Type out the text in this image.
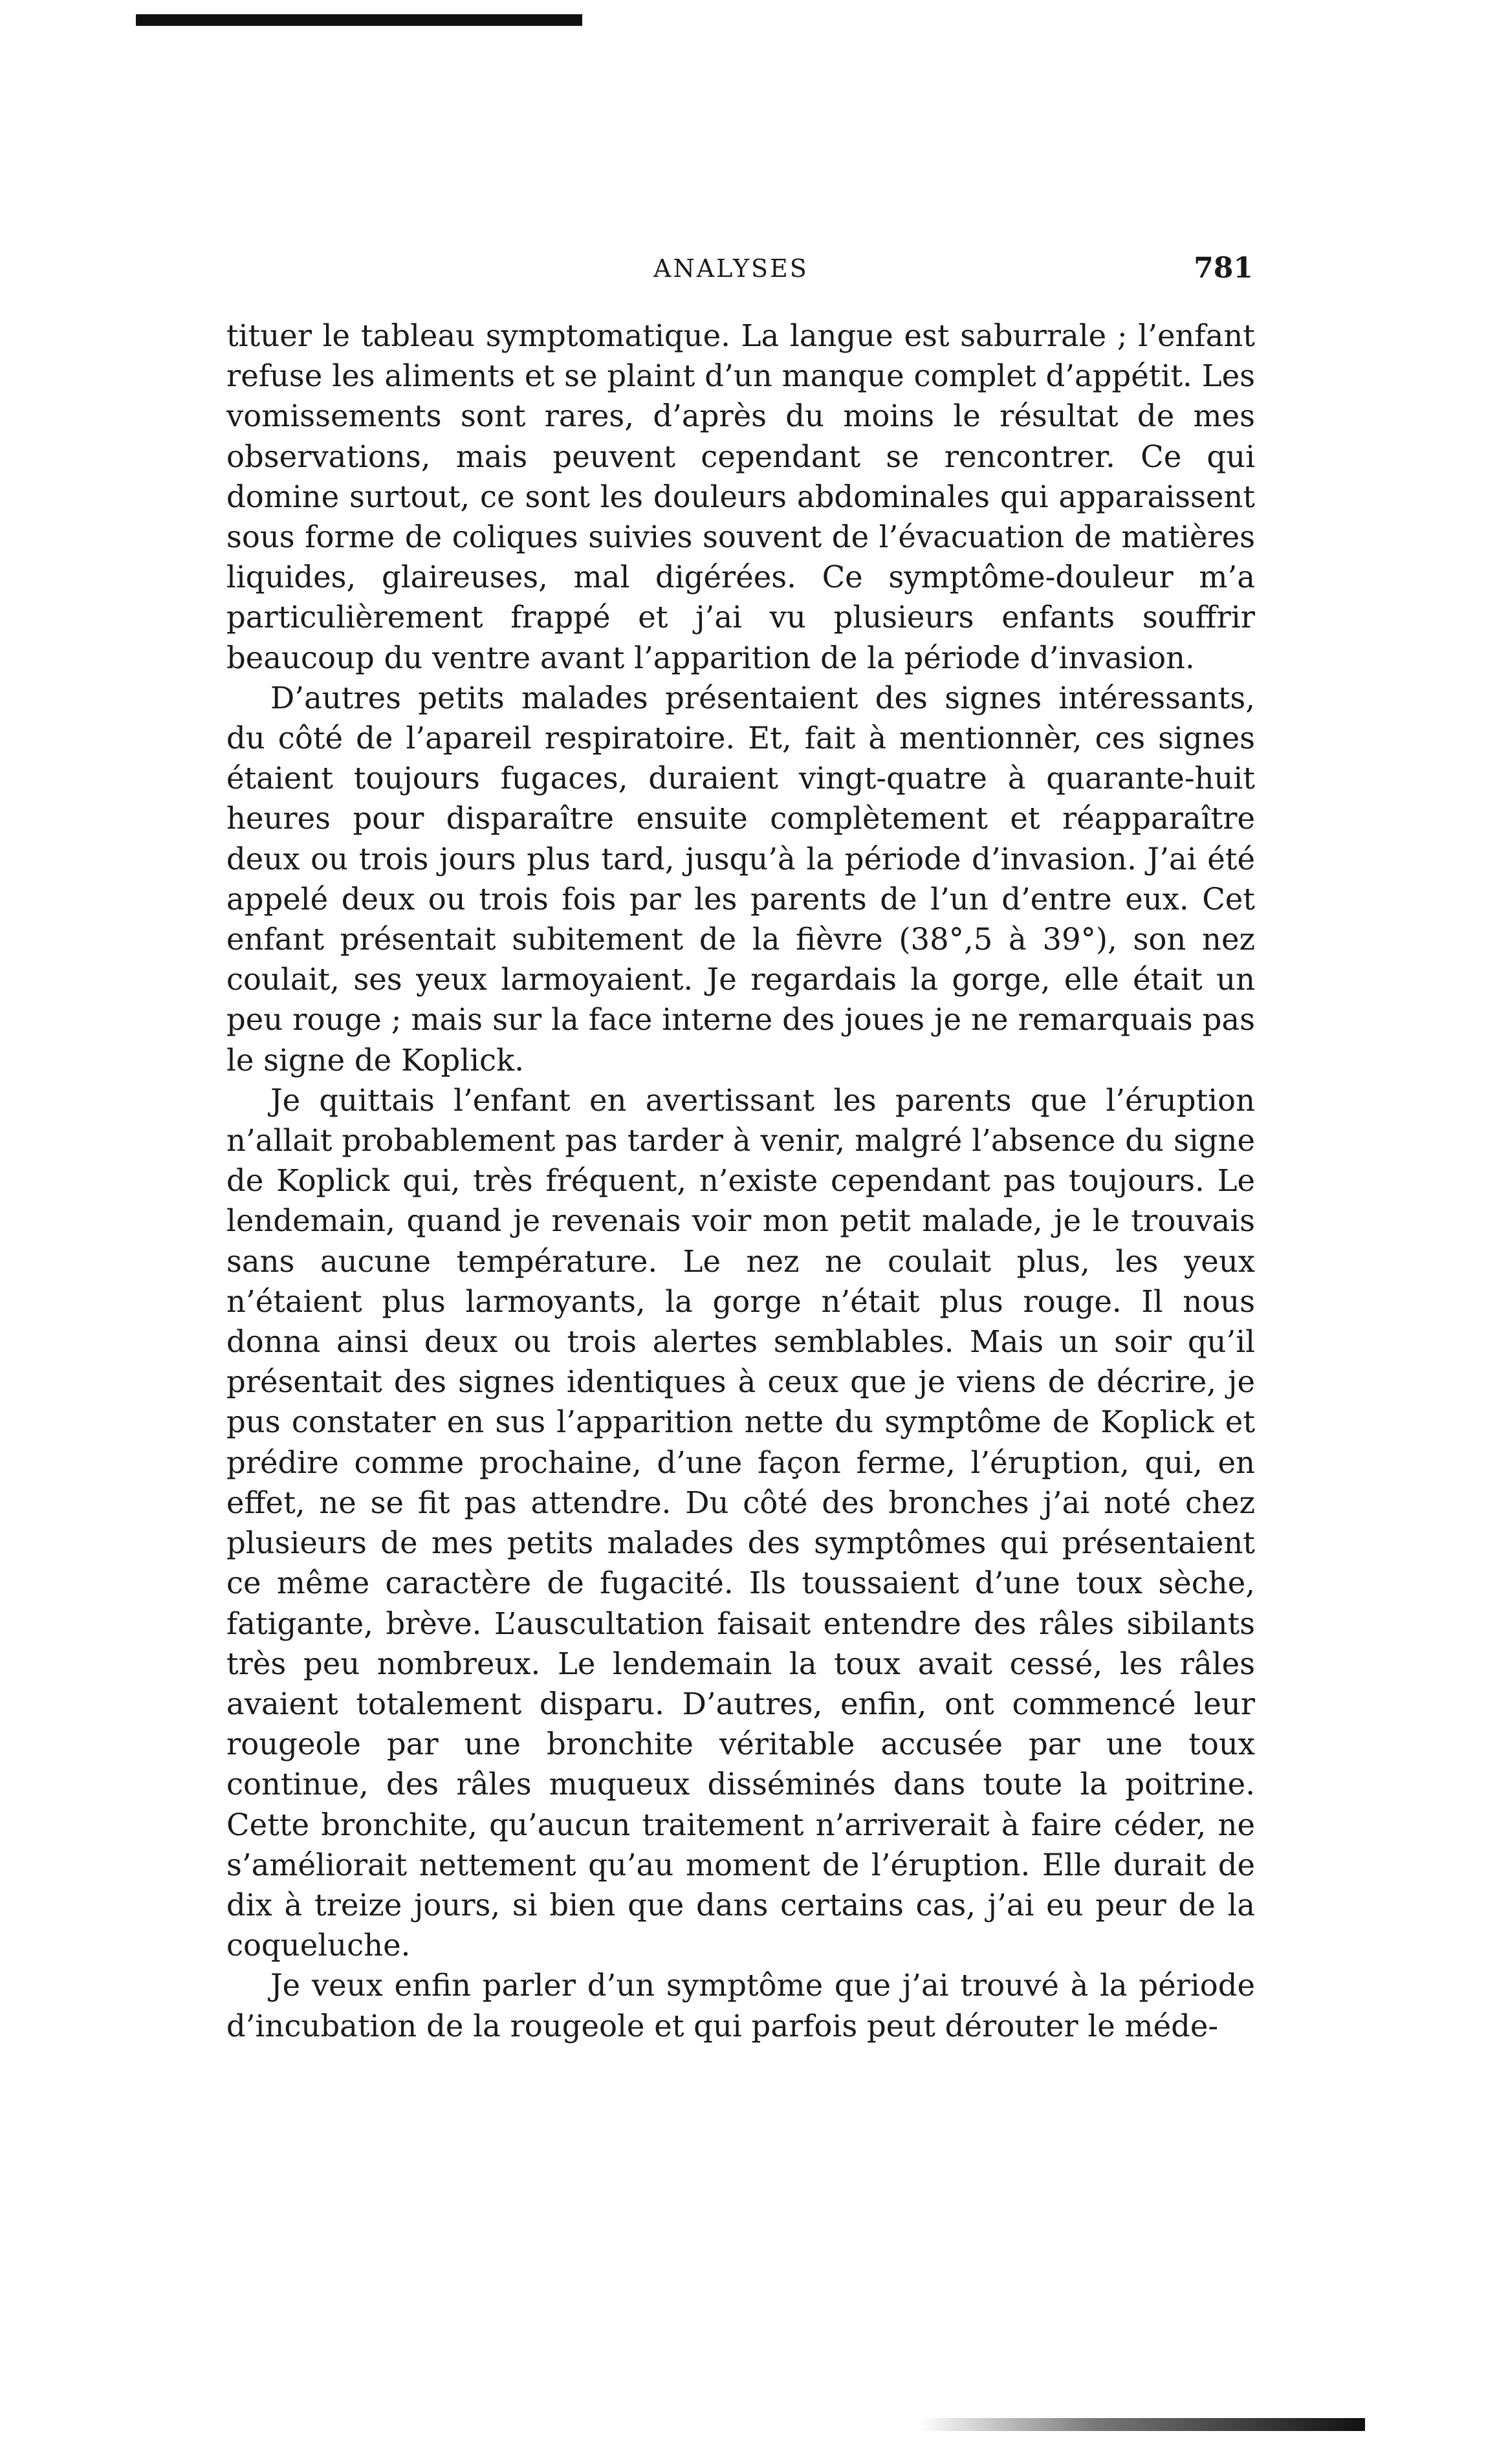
ANALYSES	781

tituer le tableau symptomatique. La langue est saburrale ; l’enfant refuse les aliments et se plaint d’un manque complet d’appétit. Les vomissements sont rares, d’après du moins le résultat de mes observations, mais peuvent cependant se rencontrer. Ce qui domine surtout, ce sont les douleurs abdominales qui apparaissent sous forme de coliques suivies souvent de l’évacuation de matières liquides, glaireuses, mal digérées. Ce symptôme-douleur m’a particulièrement frappé et j’ai vu plusieurs enfants souffrir beaucoup du ventre avant l’apparition de la période d’invasion.

D’autres petits malades présentaient des signes intéressants, du côté de l’apareil respiratoire. Et, fait à mentionnèr, ces signes étaient toujours fugaces, duraient vingt-quatre à quarante-huit heures pour disparaître ensuite complètement et réapparaître deux ou trois jours plus tard, jusqu’à la période d’invasion. J’ai été appelé deux ou trois fois par les parents de l’un d’entre eux. Cet enfant présentait subitement de la fièvre (38°,5 à 39°), son nez coulait, ses yeux larmoyaient. Je regardais la gorge, elle était un peu rouge ; mais sur la face interne des joues je ne remarquais pas le signe de Koplick.

Je quittais l’enfant en avertissant les parents que l’éruption n’allait probablement pas tarder à venir, malgré l’absence du signe de Koplick qui, très fréquent, n’existe cependant pas toujours. Le lendemain, quand je revenais voir mon petit malade, je le trouvais sans aucune température. Le nez ne coulait plus, les yeux n’étaient plus larmoyants, la gorge n’était plus rouge. Il nous donna ainsi deux ou trois alertes semblables. Mais un soir qu’il présentait des signes identiques à ceux que je viens de décrire, je pus constater en sus l’apparition nette du symptôme de Koplick et prédire comme prochaine, d’une façon ferme, l’éruption, qui, en effet, ne se fit pas attendre. Du côté des bronches j’ai noté chez plusieurs de mes petits malades des symptômes qui présentaient ce même caractère de fugacité. Ils toussaient d’une toux sèche, fatigante, brève. L’auscultation faisait entendre des râles sibilants très peu nombreux. Le lendemain la toux avait cessé, les râles avaient totalement disparu. D’autres, enfin, ont commencé leur rougeole par une bronchite véritable accusée par une toux continue, des râles muqueux disséminés dans toute la poitrine. Cette bronchite, qu’aucun traitement n’arriverait à faire céder, ne s’améliorait nettement qu’au moment de l’éruption. Elle durait de dix à treize jours, si bien que dans certains cas, j’ai eu peur de la coqueluche.

Je veux enfin parler d’un symptôme que j’ai trouvé à la période d’incubation de la rougeole et qui parfois peut dérouter le méde-
